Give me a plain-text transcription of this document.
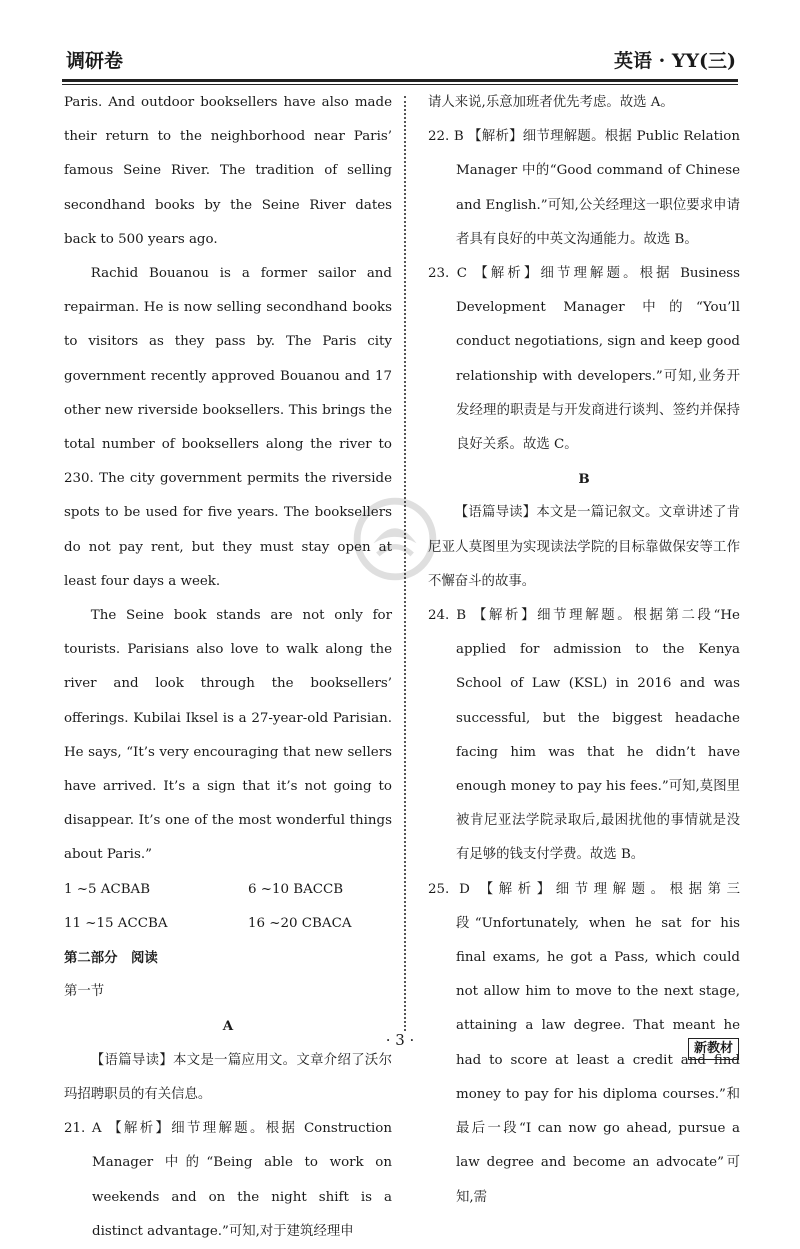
调研卷	英语 · YY(三)

Paris. And outdoor booksellers have also made their return to the neighborhood near Paris’ famous Seine River. The tradition of selling secondhand books by the Seine River dates back to 500 years ago.

Rachid Bouanou is a former sailor and repairman. He is now selling secondhand books to visitors as they pass by. The Paris city government recently approved Bouanou and 17 other new riverside booksellers. This brings the total number of booksellers along the river to 230. The city government permits the riverside spots to be used for five years. The booksellers do not pay rent, but they must stay open at least four days a week.

The Seine book stands are not only for tourists. Parisians also love to walk along the river and look through the booksellers’ offerings. Kubilai Iksel is a 27-year-old Parisian. He says, “It’s very encouraging that new sellers have arrived. It’s a sign that it’s not going to disappear. It’s one of the most wonderful things about Paris.”

1 ~5 ACBAB	6 ~10 BACCB
11 ~15 ACCBA	16 ~20 CBACA

第二部分　阅读

第一节

A

【语篇导读】本文是一篇应用文。文章介绍了沃尔玛招聘职员的有关信息。

21. A 【解析】细节理解题。根据 Construction Manager 中的“Being able to work on weekends and on the night shift is a distinct advantage.”可知,对于建筑经理申

请人来说,乐意加班者优先考虑。故选 A。

22. B 【解析】细节理解题。根据 Public Relation Manager 中的“Good command of Chinese and English.”可知,公关经理这一职位要求申请者具有良好的中英文沟通能力。故选 B。

23. C 【解析】细节理解题。根据 Business Development Manager 中的“You’ll conduct negotiations, sign and keep good relationship with developers.”可知,业务开发经理的职责是与开发商进行谈判、签约并保持良好关系。故选 C。

B

【语篇导读】本文是一篇记叙文。文章讲述了肯尼亚人莫图里为实现读法学院的目标靠做保安等工作不懈奋斗的故事。

24. B 【解析】细节理解题。根据第二段“He applied for admission to the Kenya School of Law (KSL) in 2016 and was successful, but the biggest headache facing him was that he didn’t have enough money to pay his fees.”可知,莫图里被肯尼亚法学院录取后,最困扰他的事情就是没有足够的钱支付学费。故选 B。

25. D 【解析】细节理解题。根据第三段“Unfortunately, when he sat for his final exams, he got a Pass, which could not allow him to move to the next stage, attaining a law degree. That meant he had to score at least a credit and find money to pay for his diploma courses.”和最后一段“I can now go ahead, pursue a law degree and become an advocate”可知,需

· 3 ·	新教材
